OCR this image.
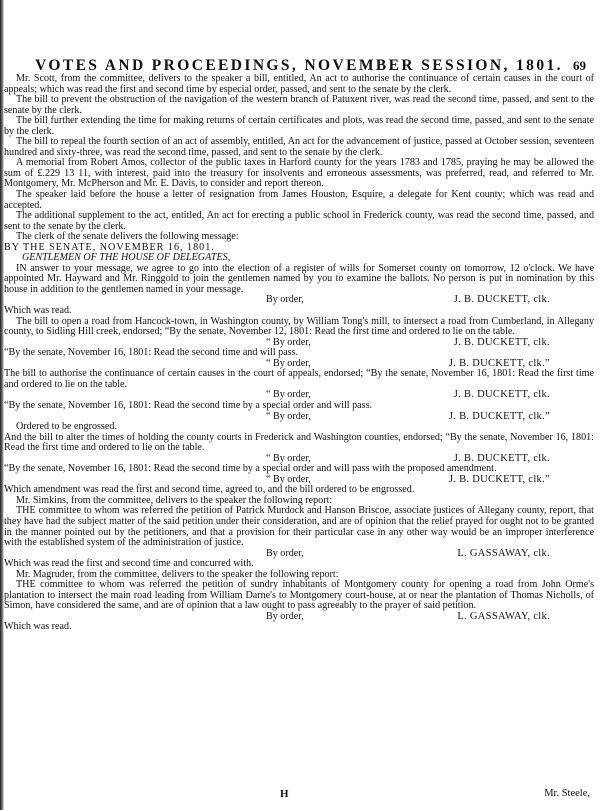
VOTES AND PROCEEDINGS, NOVEMBER SESSION, 1801. 69

Mr. Scott, from the committee, delivers to the speaker a bill, entitled, An act to authorise the continuance of certain causes in the court of appeals; which was read the first and second time by especial order, passed, and sent to the senate by the clerk.

The bill to prevent the obstruction of the navigation of the western branch of Patuxent river, was read the second time, passed, and sent to the senate by the clerk.

The bill further extending the time for making returns of certain certificates and plots, was read the second time, passed, and sent to the senate by the clerk.

The bill to repeal the fourth section of an act of assembly, entitled, An act for the advancement of justice, passed at October session, seventeen hundred and sixty-three, was read the second time, passed, and sent to the senate by the clerk.

A memorial from Robert Amos, collector of the public taxes in Harford county for the years 1783 and 1785, praying he may be allowed the sum of £.229 13 11, with interest, paid into the treasury for insolvents and erroneous assessments, was preferred, read, and referred to Mr. Montgomery, Mr. McPherson and Mr. E. Davis, to consider and report thereon.

The speaker laid before the house a letter of resignation from James Houston, Esquire, a delegate for Kent county; which was read and accepted.

The additional supplement to the act, entitled, An act for erecting a public school in Frederick county, was read the second time, passed, and sent to the senate by the clerk.

The clerk of the senate delivers the following message:

BY THE SENATE, NOVEMBER 16, 1801.

GENTLEMEN OF THE HOUSE OF DELEGATES,

IN answer to your message, we agree to go into the election of a register of wills for Somerset county on tomorrow, 12 o'clock. We have appointed Mr. Hayward and Mr. Ringgold to join the gentlemen named by you to examine the ballots. No person is put in nomination by this house in addition to the gentlemen named in your message.

By order,	J. B. DUCKETT, clk.

Which was read.

The bill to open a road from Hancock-town, in Washington county, by William Tong's mill, to intersect a road from Cumberland, in Allegany county, to Sidling Hill creek, endorsed; “By the senate, November 12, 1801: Read the first time and ordered to lie on the table.

“ By order,	J. B. DUCKETT, clk.

“By the senate, November 16, 1801: Read the second time and will pass.

“ By order,	J. B. DUCKETT, clk.”

The bill to authorise the continuance of certain causes in the court of appeals, endorsed; “By the senate, November 16, 1801: Read the first time and ordered to lie on the table.

“ By order,	J. B. DUCKETT, clk.

“By the senate, November 16, 1801: Read the second time by a special order and will pass.

“ By order,	J. B. DUCKETT, clk.”

Ordered to be engrossed.

And the bill to alter the times of holding the county courts in Frederick and Washington counties, endorsed; “By the senate, November 16, 1801: Read the first time and ordered to lie on the table.

“ By order,	J. B. DUCKETT, clk.

“By the senate, November 16, 1801: Read the second time by a special order and will pass with the proposed amendment.

“ By order,	J. B. DUCKETT, clk.”

Which amendment was read the first and second time, agreed to, and the bill ordered to be engrossed.

Mr. Simkins, from the committee, delivers to the speaker the following report:

THE committee to whom was referred the petition of Patrick Murdock and Hanson Briscoe, associate justices of Allegany county, report, that they have had the subject matter of the said petition under their consideration, and are of opinion that the relief prayed for ought not to be granted in the manner pointed out by the petitioners, and that a provision for their particular case in any other way would be an improper interference with the established system of the administration of justice.

By order,	L. GASSAWAY, clk.

Which was read the first and second time and concurred with.

Mr. Magruder, from the committee, delivers to the speaker the following report:

THE committee to whom was referred the petition of sundry inhabitants of Montgomery county for opening a road from John Orme's plantation to intersect the main road leading from William Darne's to Montgomery court-house, at or near the plantation of Thomas Nicholls, of Simon, have considered the same, and are of opinion that a law ought to pass agreeably to the prayer of said petition.

By order,	L. GASSAWAY, clk.

Which was read.

H	Mr. Steele,
